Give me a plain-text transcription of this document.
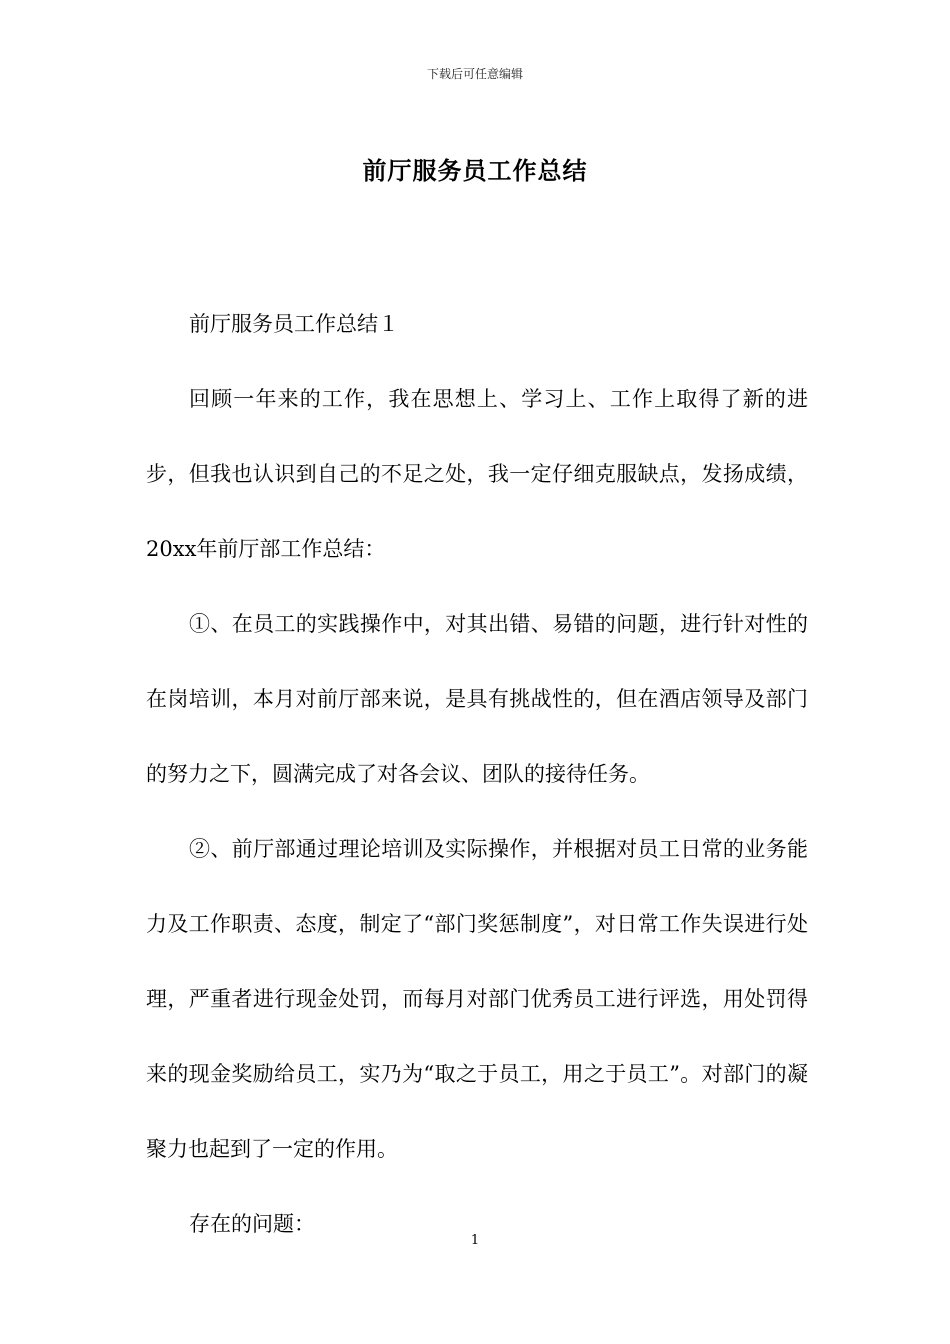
下载后可任意编辑
前厅服务员工作总结

前厅服务员工作总结１

回顾一年来的工作，我在思想上、学习上、工作上取得了新的进步，但我也认识到自己的不足之处，我一定仔细克服缺点，发扬成绩，20xx年前厅部工作总结：

①、在员工的实践操作中，对其出错、易错的问题，进行针对性的在岗培训，本月对前厅部来说，是具有挑战性的，但在酒店领导及部门的努力之下，圆满完成了对各会议、团队的接待任务。

②、前厅部通过理论培训及实际操作，并根据对员工日常的业务能力及工作职责、态度，制定了“部门奖惩制度”，对日常工作失误进行处理，严重者进行现金处罚，而每月对部门优秀员工进行评选，用处罚得来的现金奖励给员工，实乃为“取之于员工，用之于员工”。对部门的凝聚力也起到了一定的作用。

存在的问题：

1
